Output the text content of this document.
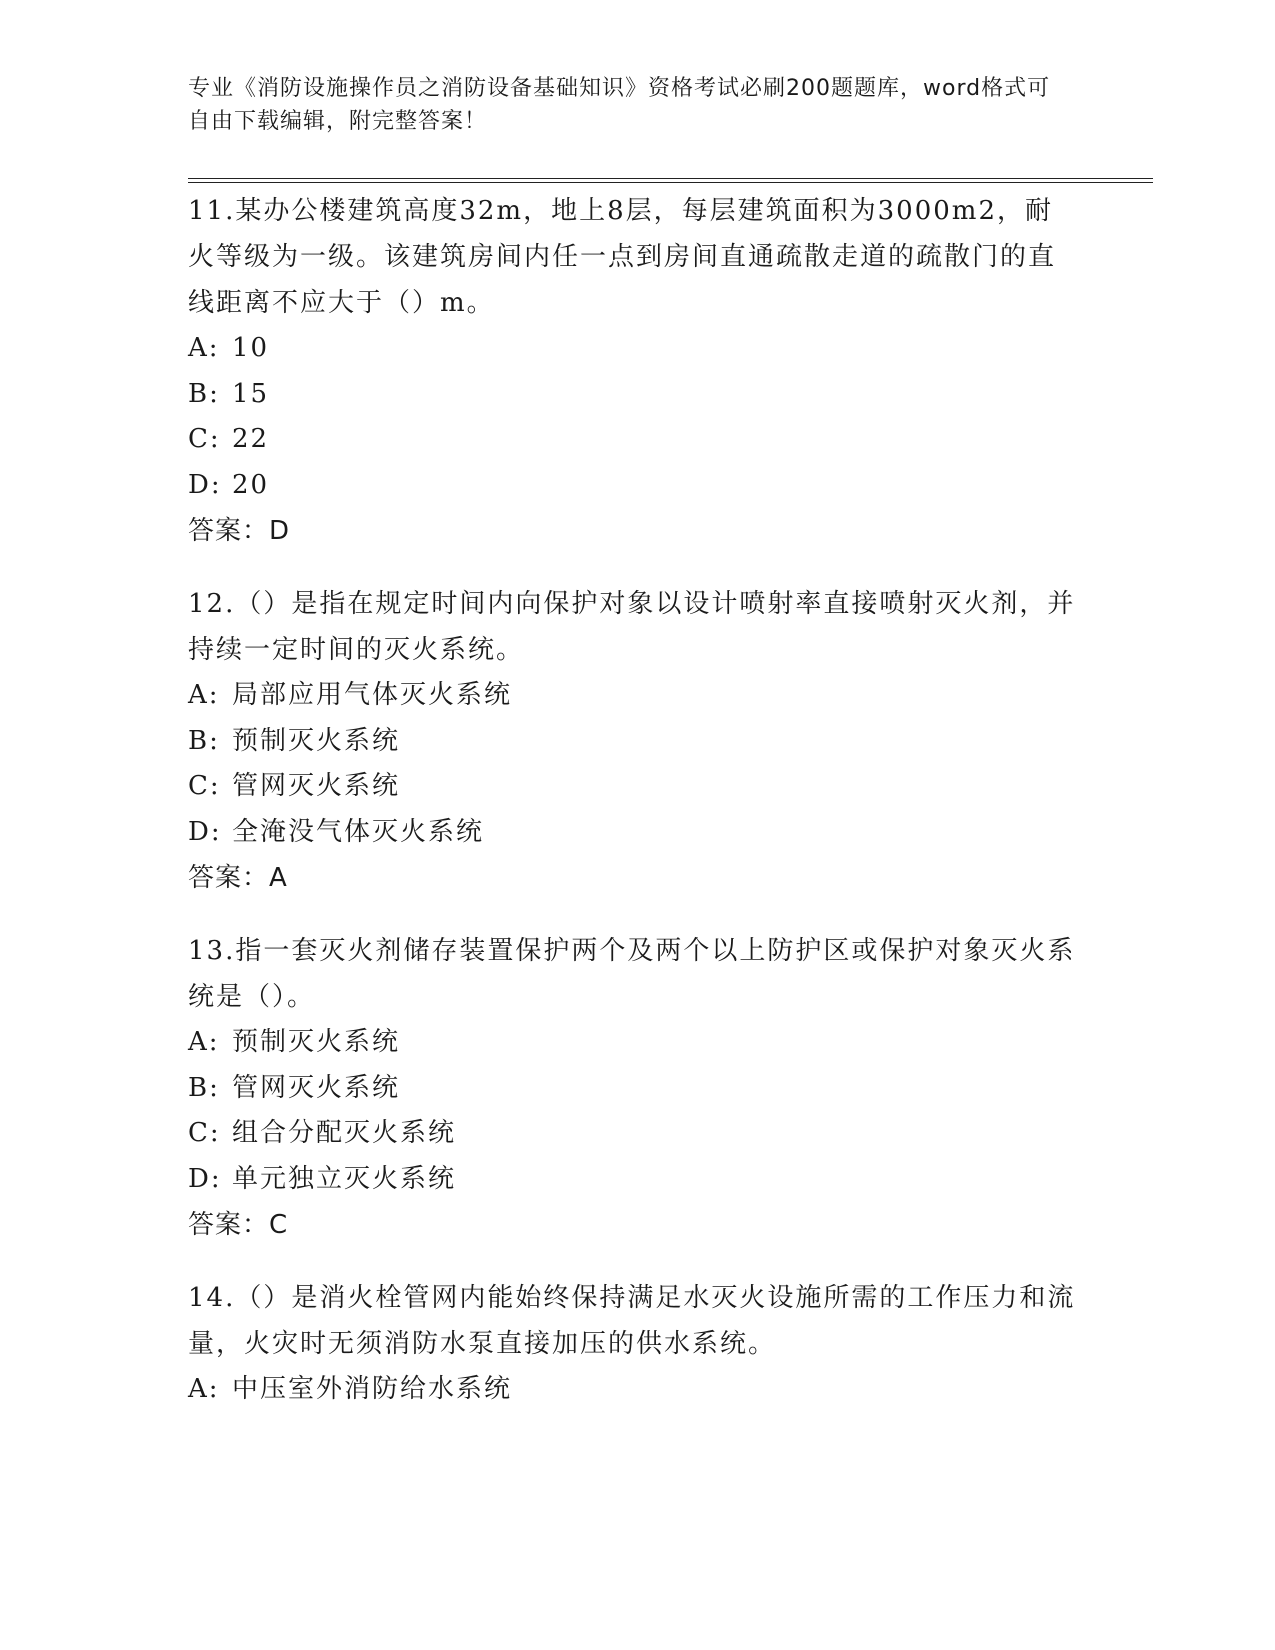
专业《消防设施操作员之消防设备基础知识》资格考试必刷200题题库，word格式可自由下载编辑，附完整答案！

11.某办公楼建筑高度32m，地上8层，每层建筑面积为3000m2，耐火等级为一级。该建筑房间内任一点到房间直通疏散走道的疏散门的直线距离不应大于（）m。

A: 10

B: 15

C: 22

D: 20

答案：D

12.（）是指在规定时间内向保护对象以设计喷射率直接喷射灭火剂，并持续一定时间的灭火系统。

A: 局部应用气体灭火系统

B: 预制灭火系统

C: 管网灭火系统

D: 全淹没气体灭火系统

答案：A

13.指一套灭火剂储存装置保护两个及两个以上防护区或保护对象灭火系统是（）。

A: 预制灭火系统

B: 管网灭火系统

C: 组合分配灭火系统

D: 单元独立灭火系统

答案：C

14.（）是消火栓管网内能始终保持满足水灭火设施所需的工作压力和流量，火灾时无须消防水泵直接加压的供水系统。

A: 中压室外消防给水系统
